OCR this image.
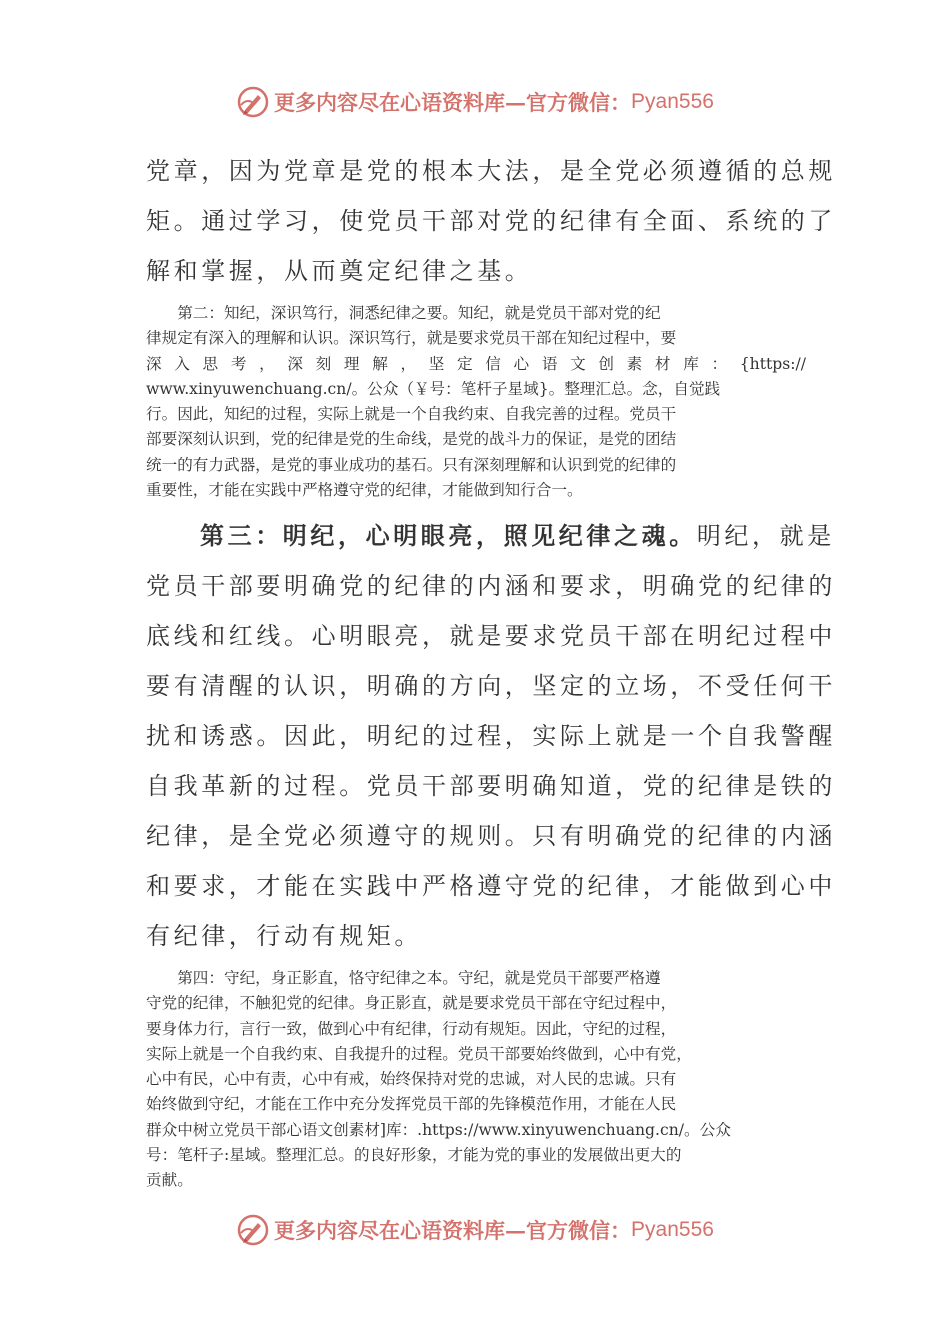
更多内容尽在心语资料库—官方微信： Pyan556
党章，因为党章是党的根本大法，是全党必须遵循的总规
矩。通过学习，使党员干部对党的纪律有全面、系统的了
解和掌握，从而奠定纪律之基。
　　第二：知纪，深识笃行，洞悉纪律之要。知纪，就是党员干部对党的纪
律规定有深入的理解和认识。深识笃行，就是要求党员干部在知纪过程中，要
深入思考，深刻理解，坚定信心语文创素材库：{https://
www.xinyuwenchuang.cn/。公众（￥号：笔杆子星域}。整理汇总。念，自觉践
行。因此，知纪的过程，实际上就是一个自我约束、自我完善的过程。党员干
部要深刻认识到，党的纪律是党的生命线，是党的战斗力的保证，是党的团结
统一的有力武器，是党的事业成功的基石。只有深刻理解和认识到党的纪律的
重要性，才能在实践中严格遵守党的纪律，才能做到知行合一。
第三：明纪，心明眼亮，照见纪律之魂。明纪，就是
党员干部要明确党的纪律的内涵和要求，明确党的纪律的
底线和红线。心明眼亮，就是要求党员干部在明纪过程中
要有清醒的认识，明确的方向，坚定的立场，不受任何干
扰和诱惑。因此，明纪的过程，实际上就是一个自我警醒
自我革新的过程。党员干部要明确知道，党的纪律是铁的
纪律，是全党必须遵守的规则。只有明确党的纪律的内涵
和要求，才能在实践中严格遵守党的纪律，才能做到心中
有纪律，行动有规矩。
　　第四：守纪，身正影直，恪守纪律之本。守纪，就是党员干部要严格遵
守党的纪律，不触犯党的纪律。身正影直，就是要求党员干部在守纪过程中，
要身体力行，言行一致，做到心中有纪律，行动有规矩。因此，守纪的过程，
实际上就是一个自我约束、自我提升的过程。党员干部要始终做到，心中有党，
心中有民，心中有责，心中有戒，始终保持对党的忠诚，对人民的忠诚。只有
始终做到守纪，才能在工作中充分发挥党员干部的先锋模范作用，才能在人民
群众中树立党员干部心语文创素材]库：.https://www.xinyuwenchuang.cn/。公众
号：笔杆子:星域。整理汇总。的良好形象，才能为党的事业的发展做出更大的
贡献。
更多内容尽在心语资料库—官方微信： Pyan556
